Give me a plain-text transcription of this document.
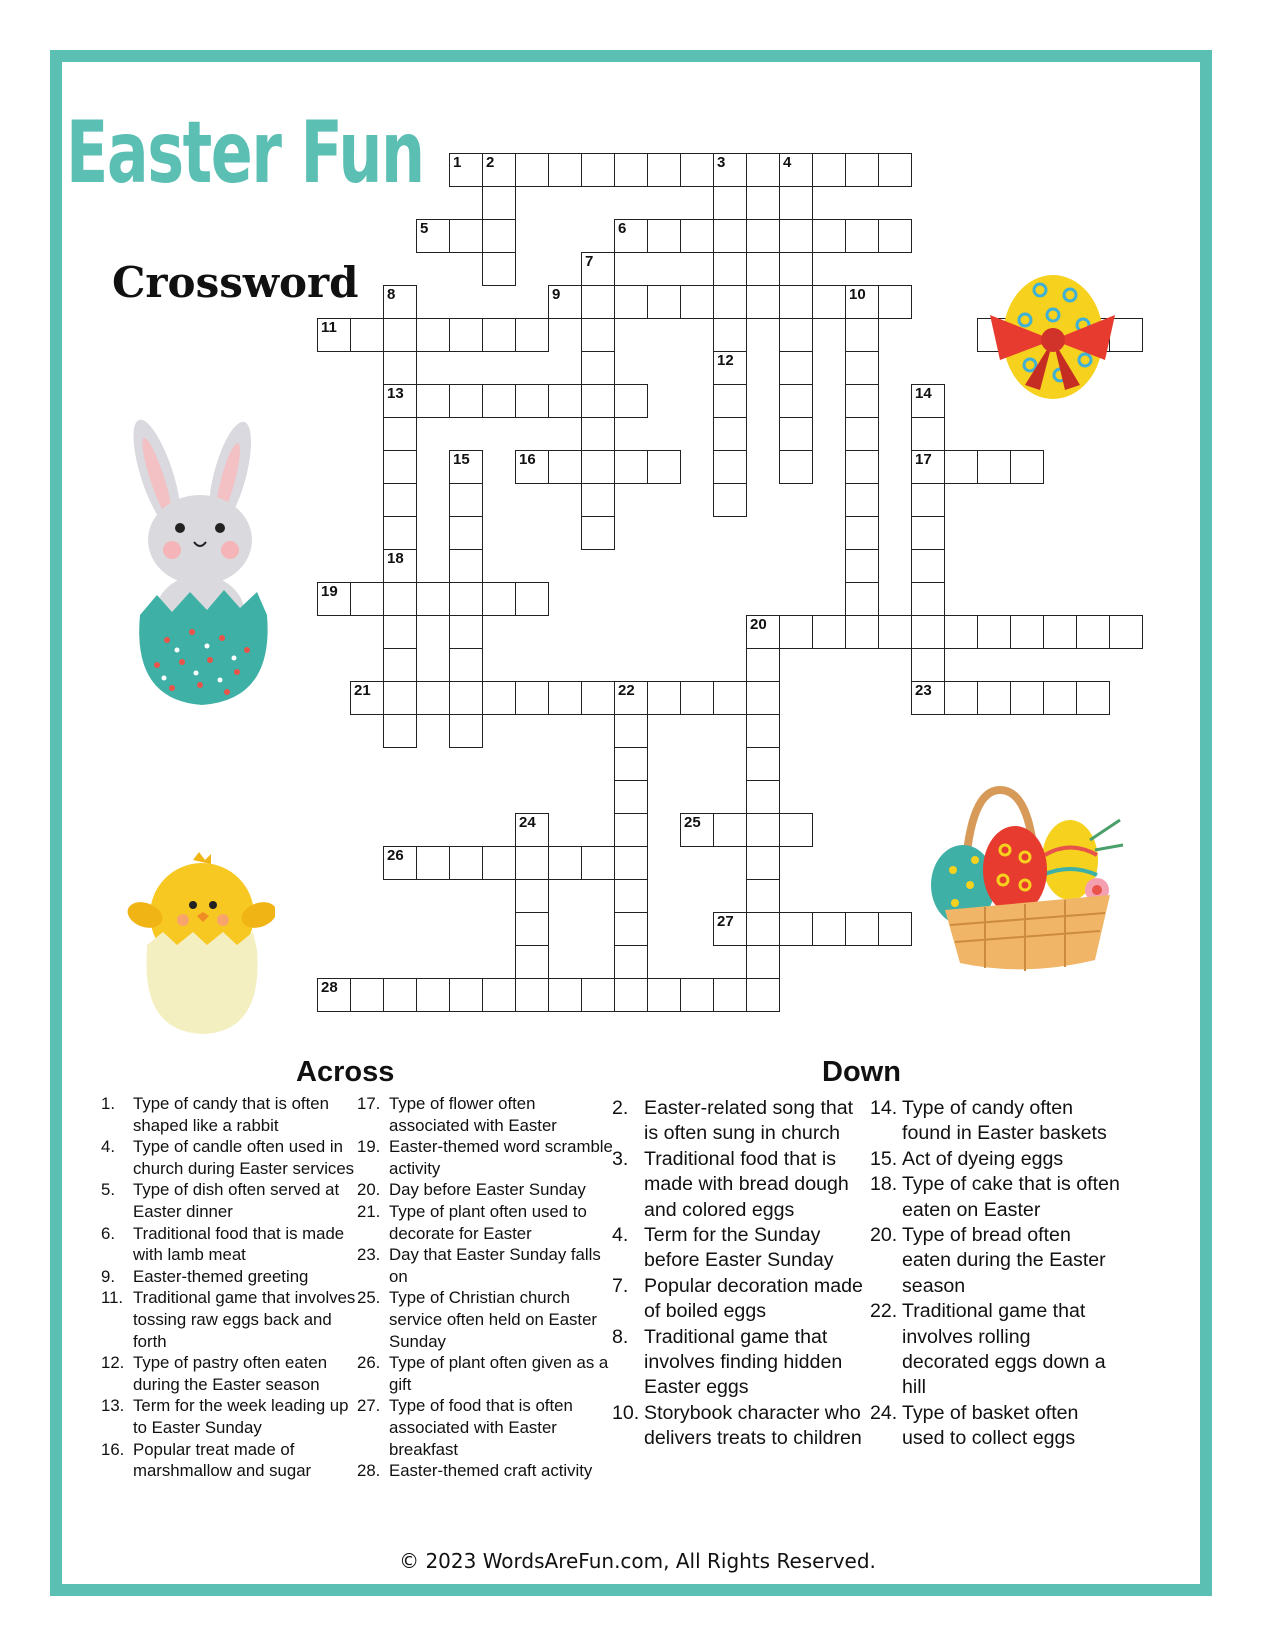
Easter Fun
Crossword
1 2	3	4
5	6
9	10
11
13
16	17
19
20
21	22	23
25
26
27
28
12
7
8
18
14
15
24
Across	Down
1. Type of candy that is often shaped like a rabbit
4. Type of candle often used in church during Easter services
5. Type of dish often served at Easter dinner
6. Traditional food that is made with lamb meat
9. Easter-themed greeting
11. Traditional game that involves tossing raw eggs back and forth
12. Type of pastry often eaten during the Easter season
13. Term for the week leading up to Easter Sunday
16. Popular treat made of marshmallow and sugar
17. Type of flower often associated with Easter
19. Easter-themed word scramble activity
20. Day before Easter Sunday
21. Type of plant often used to decorate for Easter
23. Day that Easter Sunday falls on
25. Type of Christian church service often held on Easter Sunday
26. Type of plant often given as a gift
27. Type of food that is often associated with Easter breakfast
28. Easter-themed craft activity
2. Easter-related song that is often sung in church
3. Traditional food that is made with bread dough and colored eggs
4. Term for the Sunday before Easter Sunday
7. Popular decoration made of boiled eggs
8. Traditional game that involves finding hidden Easter eggs
10. Storybook character who delivers treats to children
14. Type of candy often found in Easter baskets
15. Act of dyeing eggs
18. Type of cake that is often eaten on Easter
20. Type of bread often eaten during the Easter season
22. Traditional game that involves rolling decorated eggs down a hill
24. Type of basket often used to collect eggs
© 2023 WordsAreFun.com, All Rights Reserved.
